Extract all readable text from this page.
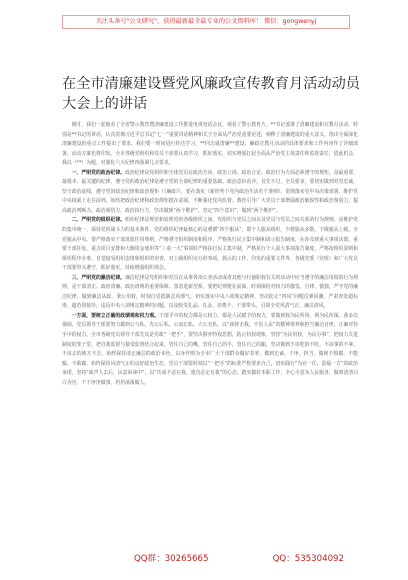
关注头条号"公文研究"，获得最新最全最专业的公文资料库！ 微信：gongwenyj
在全市清廉建设暨党风廉政宣传教育月活动动员大会上的讲话

刚才，我们一起收看了全省警示教育暨清廉建设工作推进电视电话会议，观看了警示教育片。**书记部署了清廉建设和宣教月活动，特别是**书记的讲话，认真贯彻习近平总书记“七一”重要讲话精神和关于全面从严治党重要论述，阐释了清廉建设的重大意义，指出全面深化清廉建设的重点工作提出了要求，我们要一时间进行传达学习，**同志就清廉**建设、廉政宣教月活动的具体要求和工作内容作了详细部署。活动方案也将印发。全市各级党组织和党员干部要认真学习，抓好落实，切实增强扛起全面从严治党主体责任和监督责任，借此机会，我以（**）为题，对强化六大纪律再强调几点要求。

一、严明党的政治纪律。政治纪律是党组织和全体党员在政治方向、政治立场、政治言论、政治行为方面必须遵守的规矩，是最重要、最根本、最关键的纪律，遵守党的政治纪律是遵守党的全部纪律的重要基础。政治意识看齐，首先不讨，全员要求，要切实做到对党忠诚，坚守政治底线，遵守党的政治纪律和政治规矩（《廉政》），要在落实《新形势下党内政治生活若干准则》、贯彻落实党中央决策部署、维护党中央权威上走在前列。始终把政治纪律和政治规矩挺在前面，不断强化党内监督。教育引导广大党员干部增强政治敏锐性和政治鉴别力，提高政治判断力、政治领悟力、政治执行力，坚决做到“两个维护”，坚定“四个意识”，做到“两个维护”。

二、严明党的组织纪律。组织纪律是规范和处理党的各级组织之间、党组织与党员之间以及党员与党员之间关系的行为规则，是维护党的集中统一、保持党的战斗力的基本条件。党的组织纪律最核心的是遵循“四个服从”，即个人服从组织，少数服从多数，下级服从上级，全党服从中央。要严格落实干部选拔任用规则，严格遵守组织制度和程序，严格执行民主集中制和请示报告制度，在涉及到重大事项决策、重要干部任免、重点项目安排和大额资金使用等“三重一大”事项时严格执行民主集中制，严格执行个人重大事项报告制度，严格按组织原则和组织程序办事，自觉接受组织安排和组织的审查，对上级组织交办的事项，抓示的工作，印发的重要文件等，各级党委（党组）和广大党员干部要带头遵守，抓好落实，持续增强组织观念。

三、严明党的廉洁纪律。廉洁纪律是党组织和党员在从事各项公务活动或者其他与行使职权有关的活动中应当遵守的廉洁用权的行为规则，是干部清正、政府清廉、政治清明的重要保障。黑恶进新型系，要把纪律挺在前面，时刻保持对权力的敬畏、自律、慎独，严守党的廉洁纪律，做到廉洁从政、秉公用权，时刻自觉抵制歪风邪气，切实落实中央八项规定精神，坚决防止“四风”问题反弹回潮，严肃查处超标准、超范围接待，违反中央八项规定精神的问题，以及收受礼品、礼金、消费卡，干部带头，引领全党风清气正、廉洁清风。

一方面，要树立正确的政绩观和权力观。干部手中的权力都是公权力，都是人民赋予的权力，要做到权为民所用，利为民所谋。我多次强调，党员领导干部要努力做到公与私、先公后私、公而忘私、大公无私，以“我将无我，不负人民”的精神境界和担当廉洁自律，正确对待手中的权力，全市各级党员领导干部尤其是党政“一把手”，要坚决摒弃特权思想，防止特权现象，坚持“为民用权，为民办事”，把权力关进制度的笼子里，把自我监督与接受监督结合起来，管住自己的嘴，管住自己的手，管住自己的腿，坚决做到不该吃的不吃、不该拿的不拿、不该去的地方不去，始终保持清正廉洁的政治本色，以身作则为全市广大干部群众做好表率，做到忠诚、干净、担当。做到不想腐、不能腐、不敢腐，始终保持风清气正的良好政治生态。党员干部要时刻以“一把手”的标准严格要求自己，切实践行“为官一任，造福一方”的政治承诺，坚持“政声人去后，民意闲谈中”，以“功成不必在我，建功必定有我”的心态，踏实做好本职工作，全心全意为人民服务，做到清清白白为官，干干净净做事，坦坦荡荡做人。

QQ群：30265665	QQ：535304092
